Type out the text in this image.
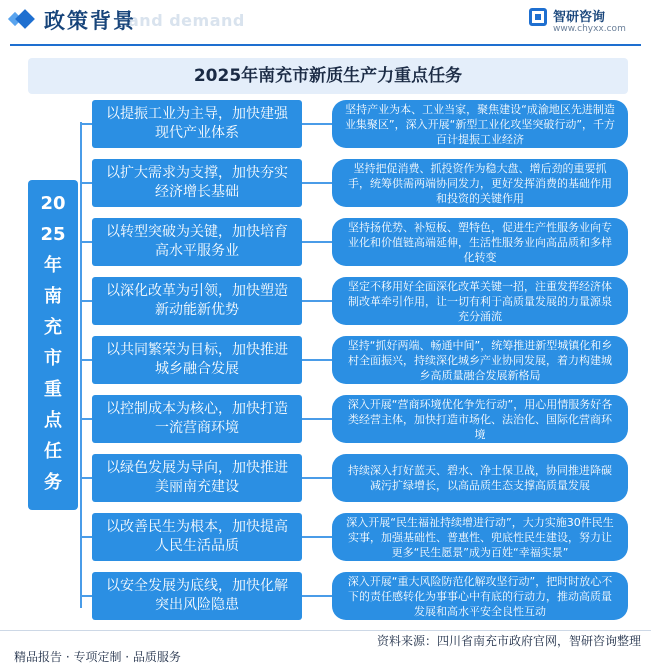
and demand
政策背景	智研咨询
www.chyxx.com
2025年南充市新质生产力重点任务
20
25
年
南
充
市
重
点
任
务
以提振工业为主导，加快建强现代产业体系
坚持产业为本、工业当家，聚焦建设“成渝地区先进制造业集聚区”，深入开展“新型工业化攻坚突破行动”，千方百计提振工业经济
以扩大需求为支撑，加快夯实经济增长基础
坚持把促消费、抓投资作为稳大盘、增后劲的重要抓手，统筹供需两端协同发力，更好发挥消费的基础作用和投资的关键作用
以转型突破为关键，加快培育高水平服务业
坚持扬优势、补短板、塑特色，促进生产性服务业向专业化和价值链高端延伸，生活性服务业向高品质和多样化转变
以深化改革为引领，加快塑造新动能新优势
坚定不移用好全面深化改革关键一招，注重发挥经济体制改革牵引作用，让一切有利于高质量发展的力量源泉充分涌流
以共同繁荣为目标，加快推进城乡融合发展
坚持“抓好两端、畅通中间”，统筹推进新型城镇化和乡村全面振兴，持续深化城乡产业协同发展，着力构建城乡高质量融合发展新格局
以控制成本为核心，加快打造一流营商环境
深入开展“营商环境优化争先行动”，用心用情服务好各类经营主体，加快打造市场化、法治化、国际化营商环境
以绿色发展为导向，加快推进美丽南充建设
持续深入打好蓝天、碧水、净土保卫战，协同推进降碳减污扩绿增长，以高品质生态支撑高质量发展
以改善民生为根本，加快提高人民生活品质
深入开展“民生福祉持续增进行动”，大力实施30件民生实事，加强基础性、普惠性、兜底性民生建设，努力让更多“民生愿景”成为百姓“幸福实景”
以安全发展为底线，加快化解突出风险隐患
深入开展“重大风险防范化解攻坚行动”，把时时放心不下的责任感转化为事事心中有底的行动力，推动高质量发展和高水平安全良性互动
资料来源：四川省南充市政府官网，智研咨询整理
精品报告 · 专项定制 · 品质服务
